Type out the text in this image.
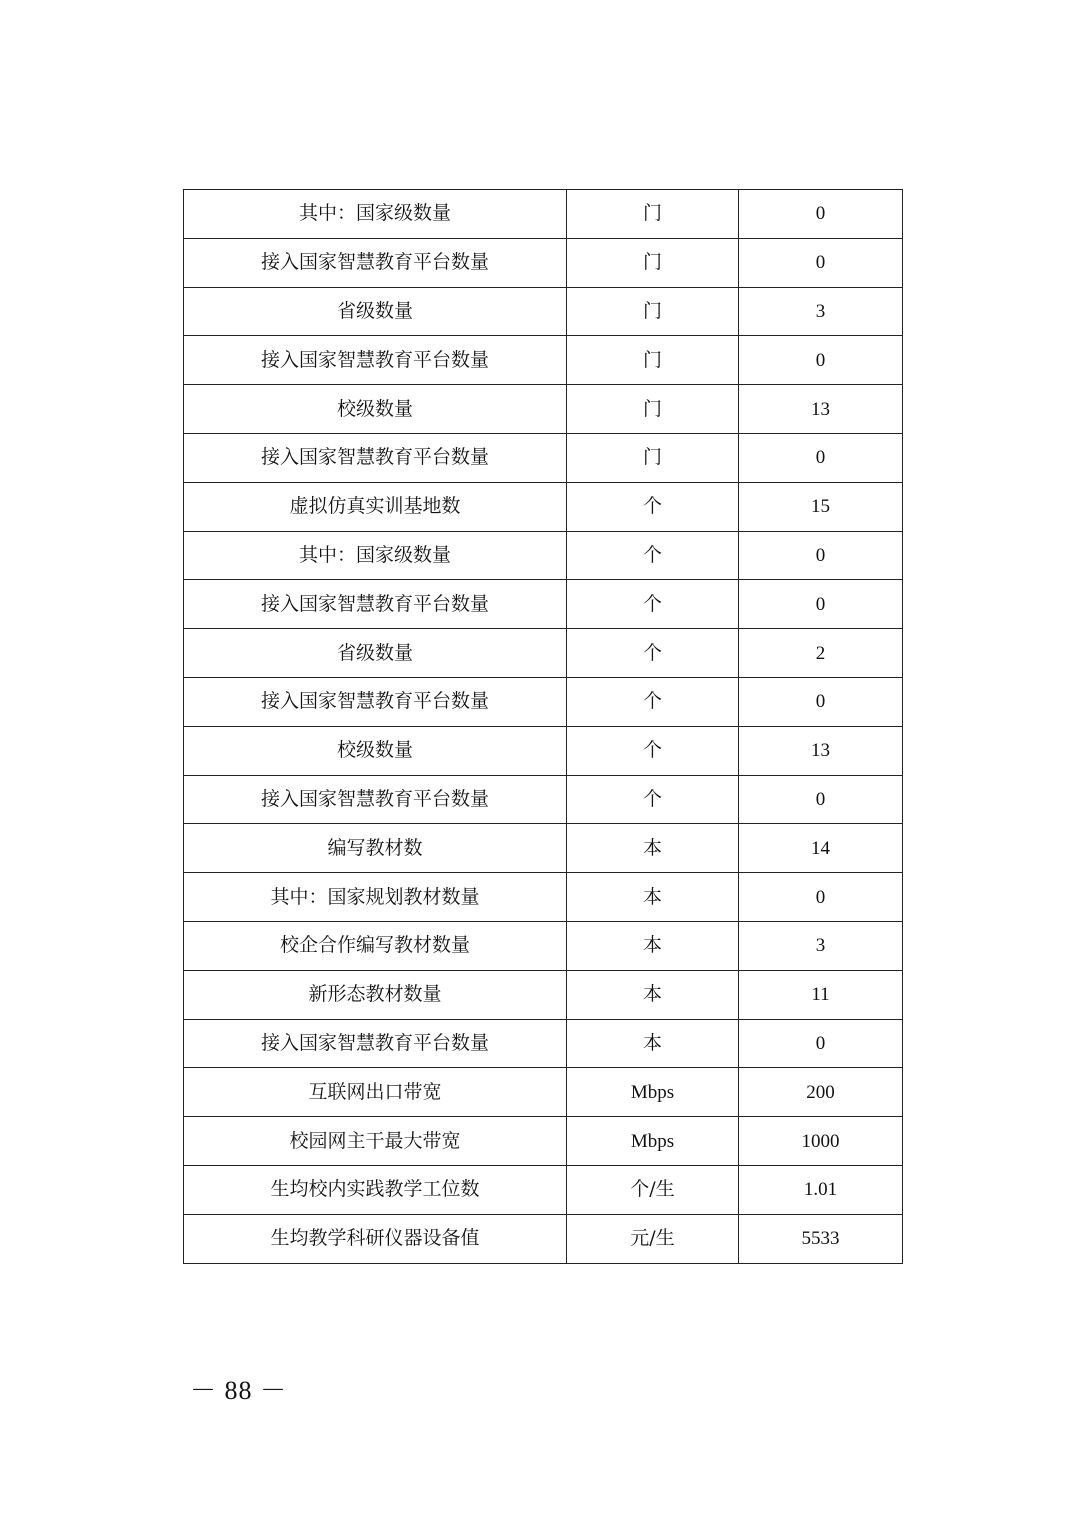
其中：国家级数量	门	0
接入国家智慧教育平台数量	门	0
省级数量	门	3
接入国家智慧教育平台数量	门	0
校级数量	门	13
接入国家智慧教育平台数量	门	0
虚拟仿真实训基地数	个	15
其中：国家级数量	个	0
接入国家智慧教育平台数量	个	0
省级数量	个	2
接入国家智慧教育平台数量	个	0
校级数量	个	13
接入国家智慧教育平台数量	个	0
编写教材数	本	14
其中：国家规划教材数量	本	0
校企合作编写教材数量	本	3
新形态教材数量	本	11
接入国家智慧教育平台数量	本	0
互联网出口带宽	Mbps	200
校园网主干最大带宽	Mbps	1000
生均校内实践教学工位数	个/生	1.01
生均教学科研仪器设备值	元/生	5533
－ 88 －
